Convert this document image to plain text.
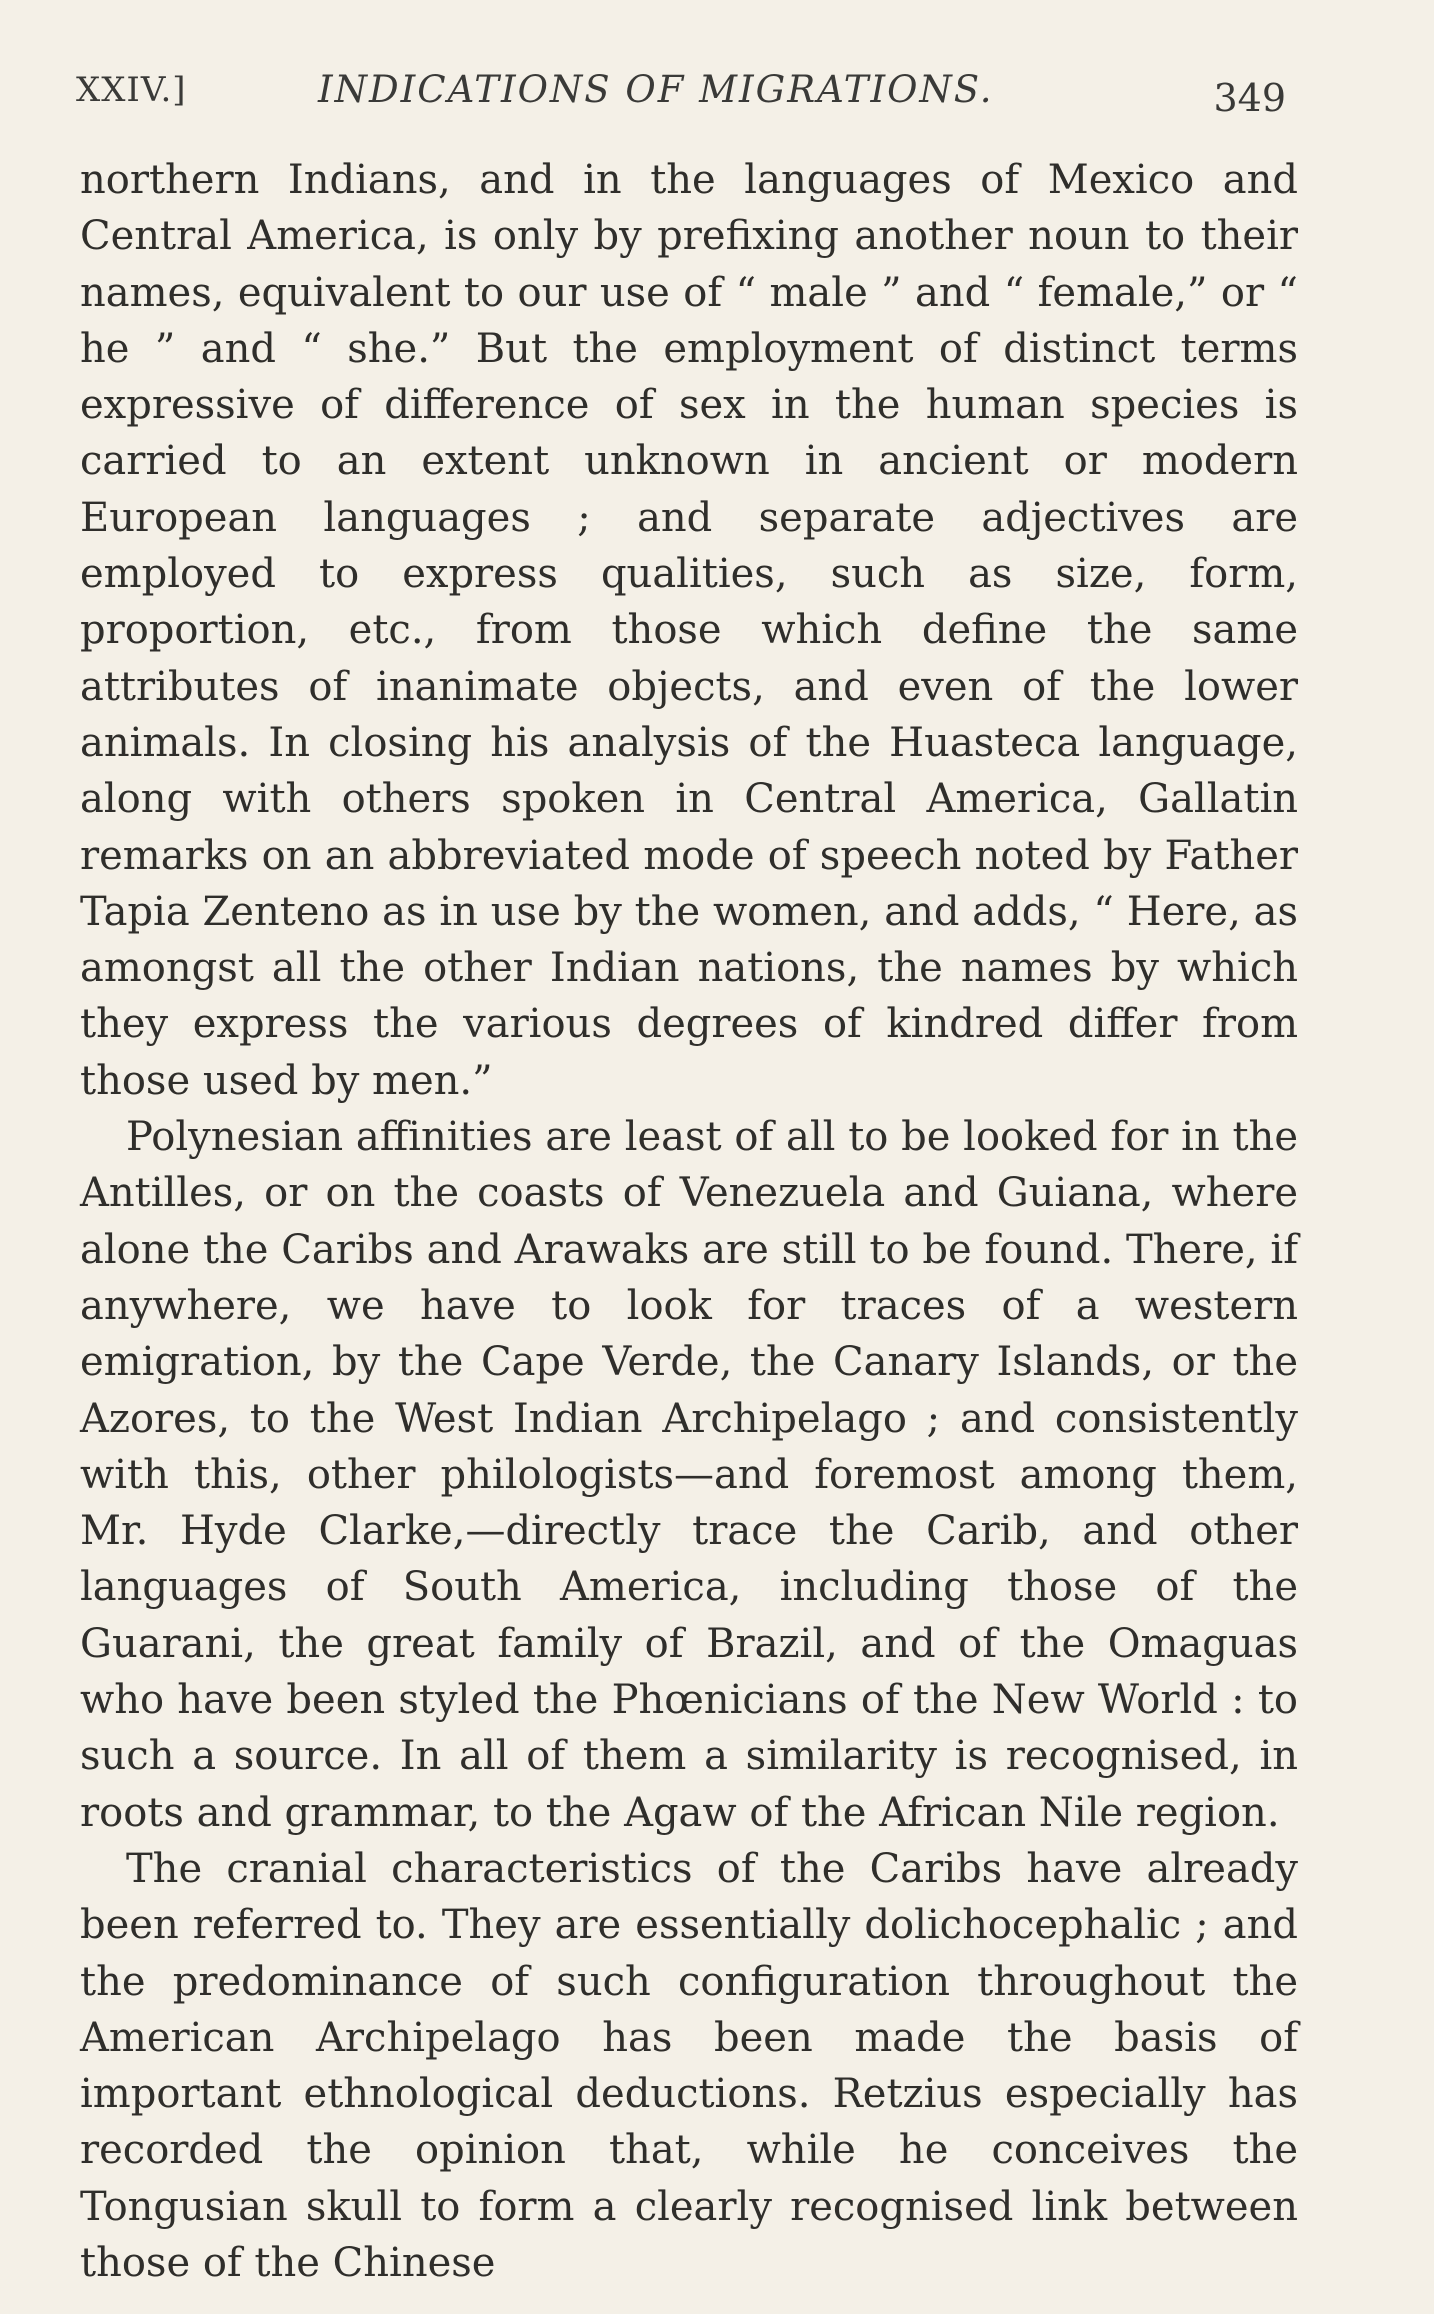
XXIV.]	INDICATIONS OF MIGRATIONS.	349

northern Indians, and in the languages of Mexico and Central America, is only by prefixing another noun to their names, equivalent to our use of “ male ” and “ female,” or “ he ” and “ she.” But the employment of distinct terms expressive of difference of sex in the human species is carried to an extent unknown in ancient or modern European languages ; and separate adjectives are employed to express qualities, such as size, form, proportion, etc., from those which define the same attributes of inanimate objects, and even of the lower animals. In closing his analysis of the Huasteca language, along with others spoken in Central America, Gallatin remarks on an abbreviated mode of speech noted by Father Tapia Zenteno as in use by the women, and adds, “ Here, as amongst all the other Indian nations, the names by which they express the various degrees of kindred differ from those used by men.”

Polynesian affinities are least of all to be looked for in the Antilles, or on the coasts of Venezuela and Guiana, where alone the Caribs and Arawaks are still to be found. There, if anywhere, we have to look for traces of a western emigration, by the Cape Verde, the Canary Islands, or the Azores, to the West Indian Archipelago ; and consistently with this, other philologists—and foremost among them, Mr. Hyde Clarke,—directly trace the Carib, and other languages of South America, including those of the Guarani, the great family of Brazil, and of the Omaguas who have been styled the Phœnicians of the New World : to such a source. In all of them a similarity is recognised, in roots and grammar, to the Agaw of the African Nile region.

The cranial characteristics of the Caribs have already been referred to. They are essentially dolichocephalic ; and the predominance of such configuration throughout the American Archipelago has been made the basis of important ethnological deductions. Retzius especially has recorded the opinion that, while he conceives the Tongusian skull to form a clearly recognised link between those of the Chinese
